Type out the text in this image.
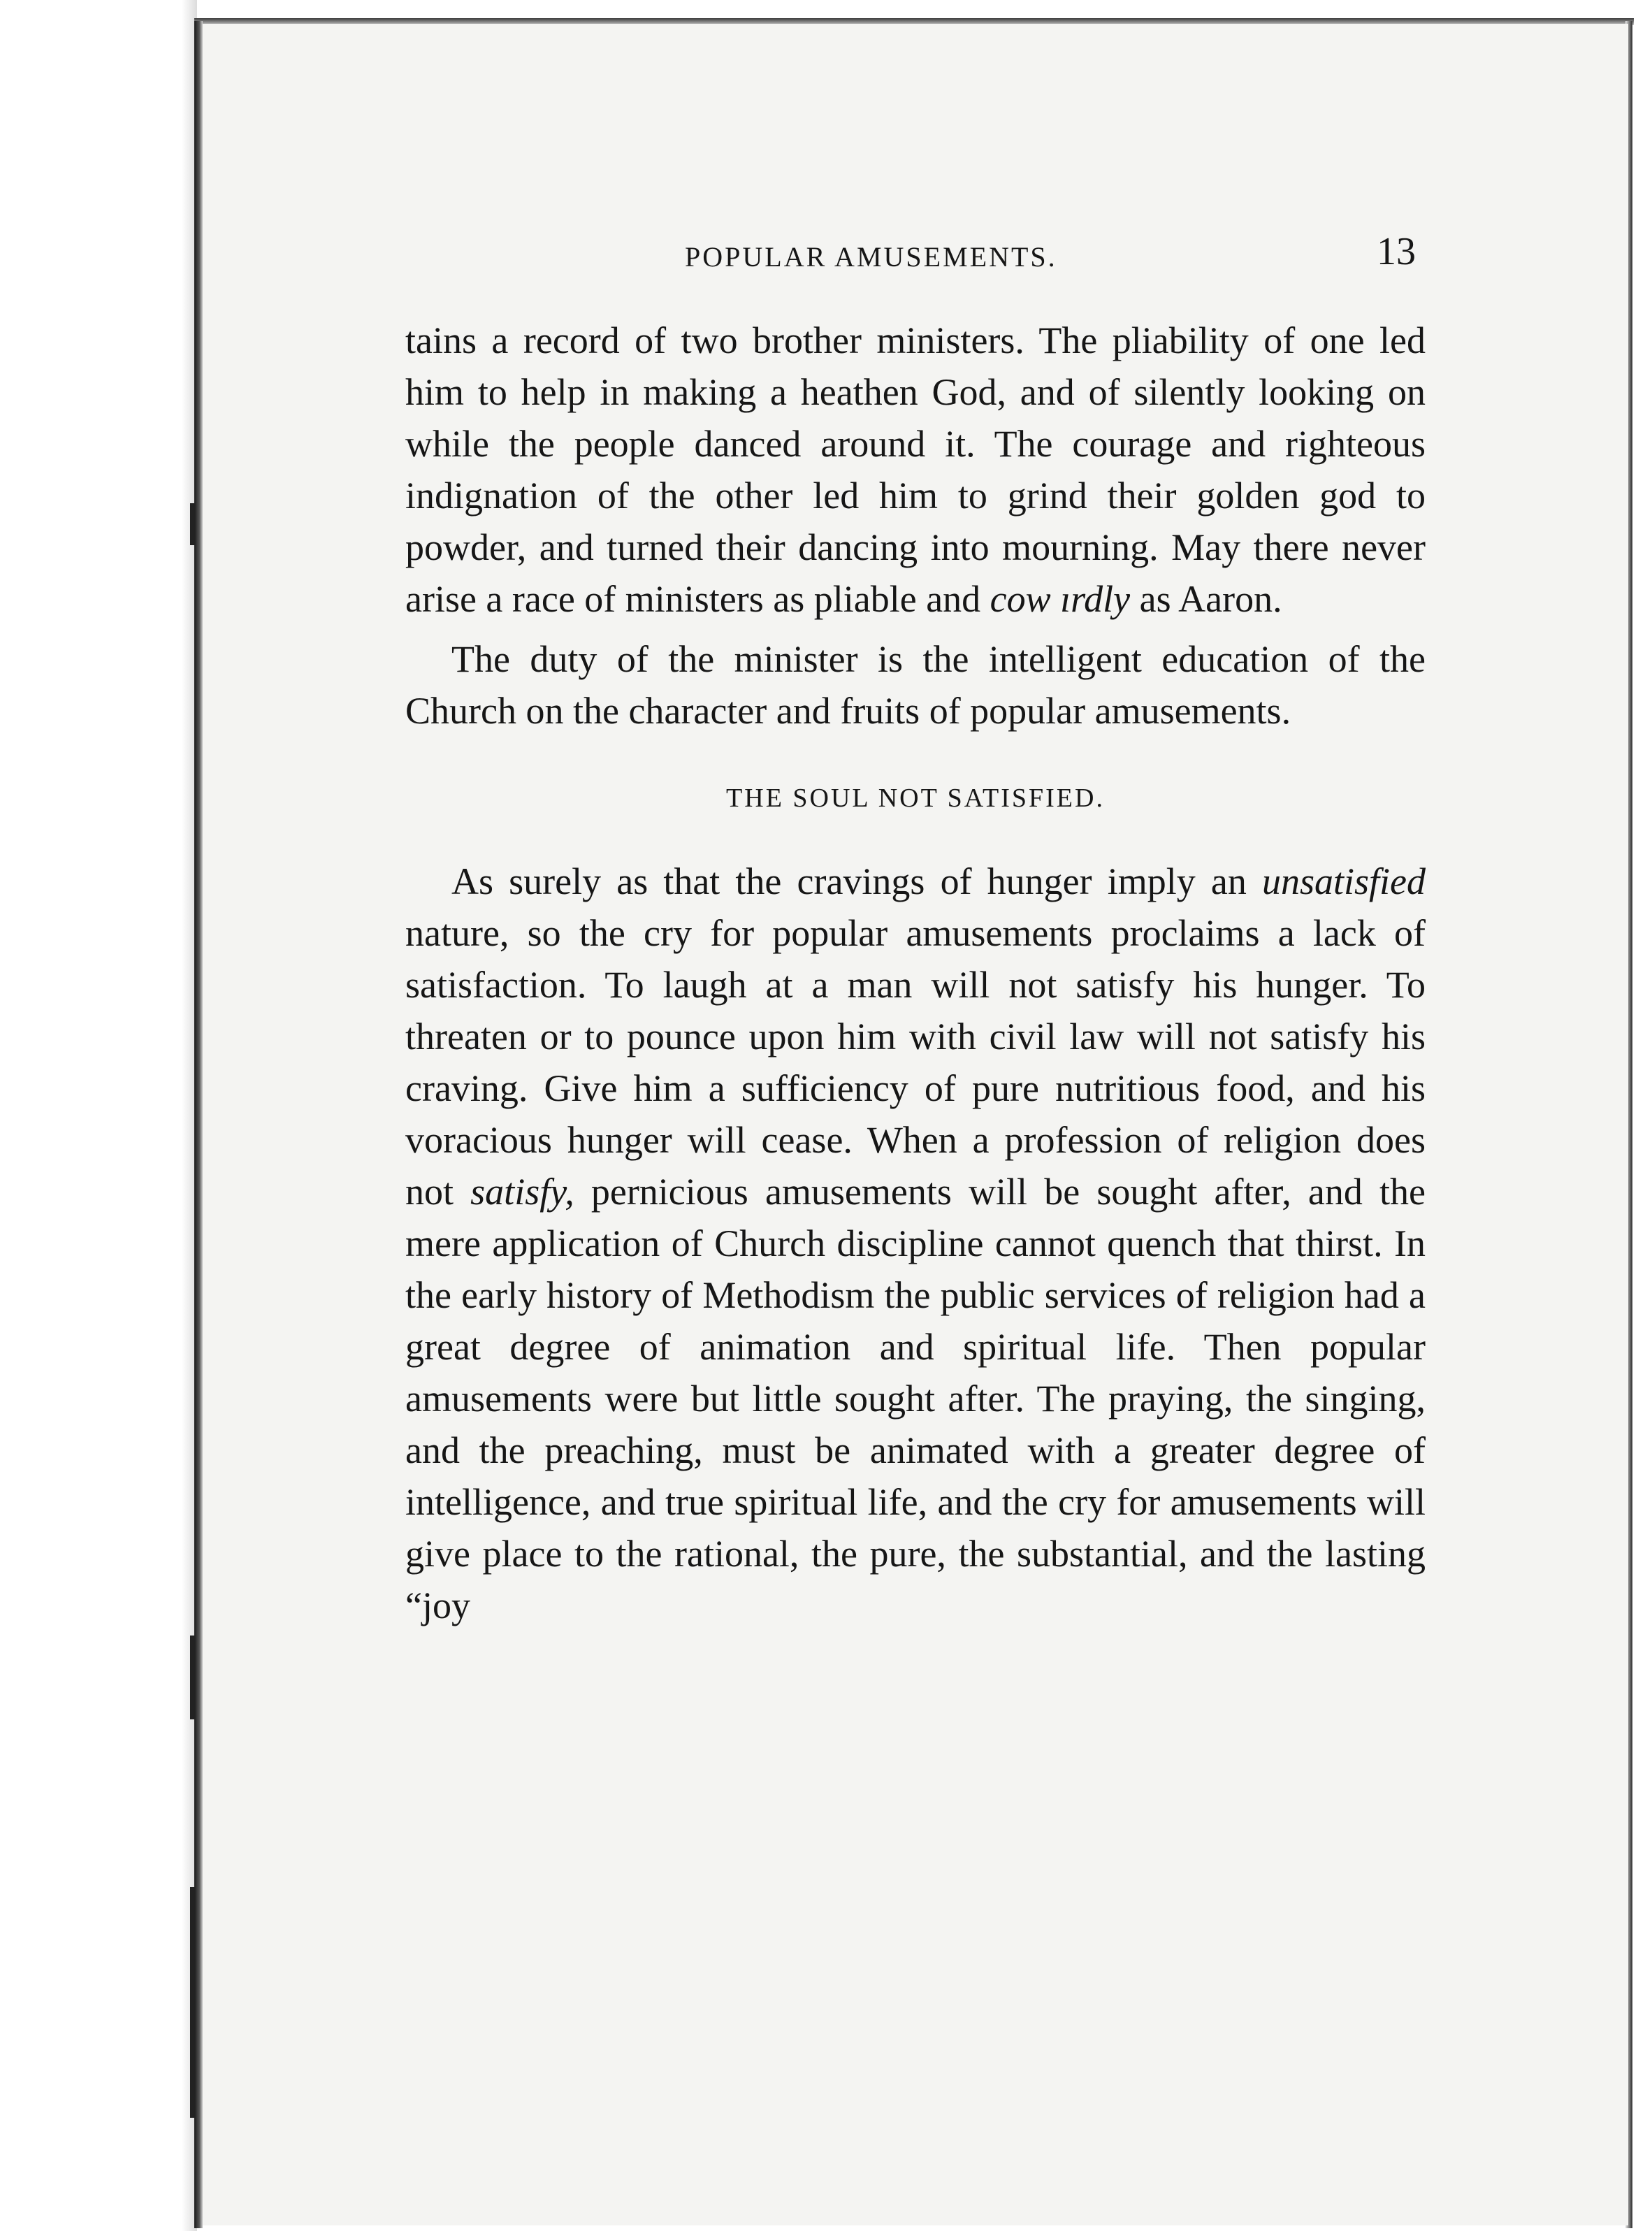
POPULAR AMUSEMENTS.	13

tains a record of two brother ministers. The pliability of one led him to help in making a heathen God, and of silently looking on while the people danced around it. The courage and righteous indignation of the other led him to grind their golden god to powder, and turned their dancing into mourning. May there never arise a race of ministers as pliable and cow ırdly as Aaron.

The duty of the minister is the intelligent education of the Church on the character and fruits of popular amusements.

THE SOUL NOT SATISFIED.

As surely as that the cravings of hunger imply an unsatisfied nature, so the cry for popular amusements proclaims a lack of satisfaction. To laugh at a man will not satisfy his hunger. To threaten or to pounce upon him with civil law will not satisfy his craving. Give him a sufficiency of pure nutritious food, and his voracious hunger will cease. When a profession of religion does not satisfy, pernicious amusements will be sought after, and the mere application of Church discipline cannot quench that thirst. In the early history of Methodism the public services of religion had a great degree of animation and spiritual life. Then popular amusements were but little sought after. The praying, the singing, and the preaching, must be animated with a greater degree of intelligence, and true spiritual life, and the cry for amusements will give place to the rational, the pure, the substantial, and the lasting “joy
